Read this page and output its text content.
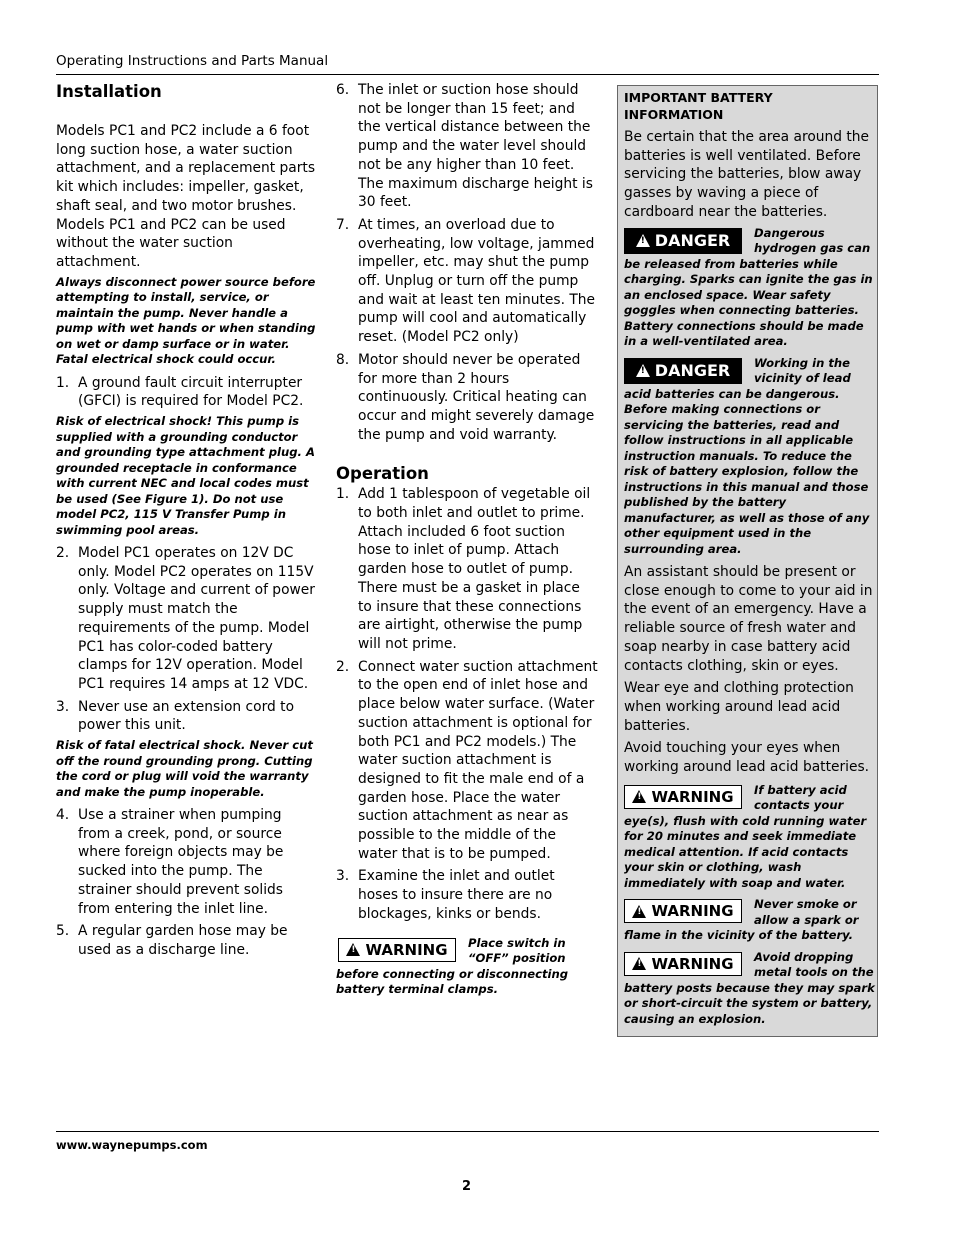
Operating Instructions and Parts Manual
Installation

Models PC1 and PC2 include a 6 foot long suction hose, a water suction attachment, and a replacement parts kit which includes: impeller, gasket, shaft seal, and two motor brushes. Models PC1 and PC2 can be used without the water suction attachment.

Always disconnect power source before attempting to install, service, or maintain the pump. Never handle a pump with wet hands or when standing on wet or damp surface or in water. Fatal electrical shock could occur.

1. A ground fault circuit interrupter (GFCI) is required for Model PC2.

Risk of electrical shock! This pump is supplied with a grounding conductor and grounding type attachment plug. A grounded receptacle in conformance with current NEC and local codes must be used (See Figure 1). Do not use model PC2, 115 V Transfer Pump in swimming pool areas.

2. Model PC1 operates on 12V DC only. Model PC2 operates on 115V only. Voltage and current of power supply must match the requirements of the pump. Model PC1 has color-coded battery clamps for 12V operation. Model PC1 requires 14 amps at 12 VDC.
3. Never use an extension cord to power this unit.

Risk of fatal electrical shock. Never cut off the round grounding prong. Cutting the cord or plug will void the warranty and make the pump inoperable.

4. Use a strainer when pumping from a creek, pond, or source where foreign objects may be sucked into the pump. The strainer should prevent solids from entering the inlet line.
5. A regular garden hose may be used as a discharge line.
6. The inlet or suction hose should not be longer than 15 feet; and the vertical distance between the pump and the water level should not be any higher than 10 feet. The maximum discharge height is 30 feet.
7. At times, an overload due to overheating, low voltage, jammed impeller, etc. may shut the pump off. Unplug or turn off the pump and wait at least ten minutes. The pump will cool and automatically reset. (Model PC2 only)
8. Motor should never be operated for more than 2 hours continuously. Critical heating can occur and might severely damage the pump and void warranty.
Operation
1. Add 1 tablespoon of vegetable oil to both inlet and outlet to prime. Attach included 6 foot suction hose to inlet of pump. Attach garden hose to outlet of pump. There must be a gasket in place to insure that these connections are airtight, otherwise the pump will not prime.
2. Connect water suction attachment to the open end of inlet hose and place below water surface. (Water suction attachment is optional for both PC1 and PC2 models.) The water suction attachment is designed to fit the male end of a garden hose. Place the water suction attachment as near as possible to the middle of the water that is to be pumped.
3. Examine the inlet and outlet hoses to insure there are no blockages, kinks or bends.
! WARNING	Place switch in “OFF” position before connecting or disconnecting battery terminal clamps.

IMPORTANT BATTERY INFORMATION

Be certain that the area around the batteries is well ventilated. Before servicing the batteries, blow away gasses by waving a piece of cardboard near the batteries.

! DANGER	Dangerous hydrogen gas can be released from batteries while charging. Sparks can ignite the gas in an enclosed space. Wear safety goggles when connecting batteries. Battery connections should be made in a well-ventilated area.

! DANGER	Working in the vicinity of lead acid batteries can be dangerous. Before making connections or servicing the batteries, read and follow instructions in all applicable instruction manuals. To reduce the risk of battery explosion, follow the instructions in this manual and those published by the battery manufacturer, as well as those of any other equipment used in the surrounding area.

An assistant should be present or close enough to come to your aid in the event of an emergency. Have a reliable source of fresh water and soap nearby in case battery acid contacts clothing, skin or eyes.

Wear eye and clothing protection when working around lead acid batteries.

Avoid touching your eyes when working around lead acid batteries.

! WARNING	If battery acid contacts your eye(s), flush with cold running water for 20 minutes and seek immediate medical attention. If acid contacts your skin or clothing, wash immediately with soap and water.

! WARNING	Never smoke or allow a spark or flame in the vicinity of the battery.

! WARNING	Avoid dropping metal tools on the battery posts because they may spark or short-circuit the system or battery, causing an explosion.

www.waynepumps.com
2
